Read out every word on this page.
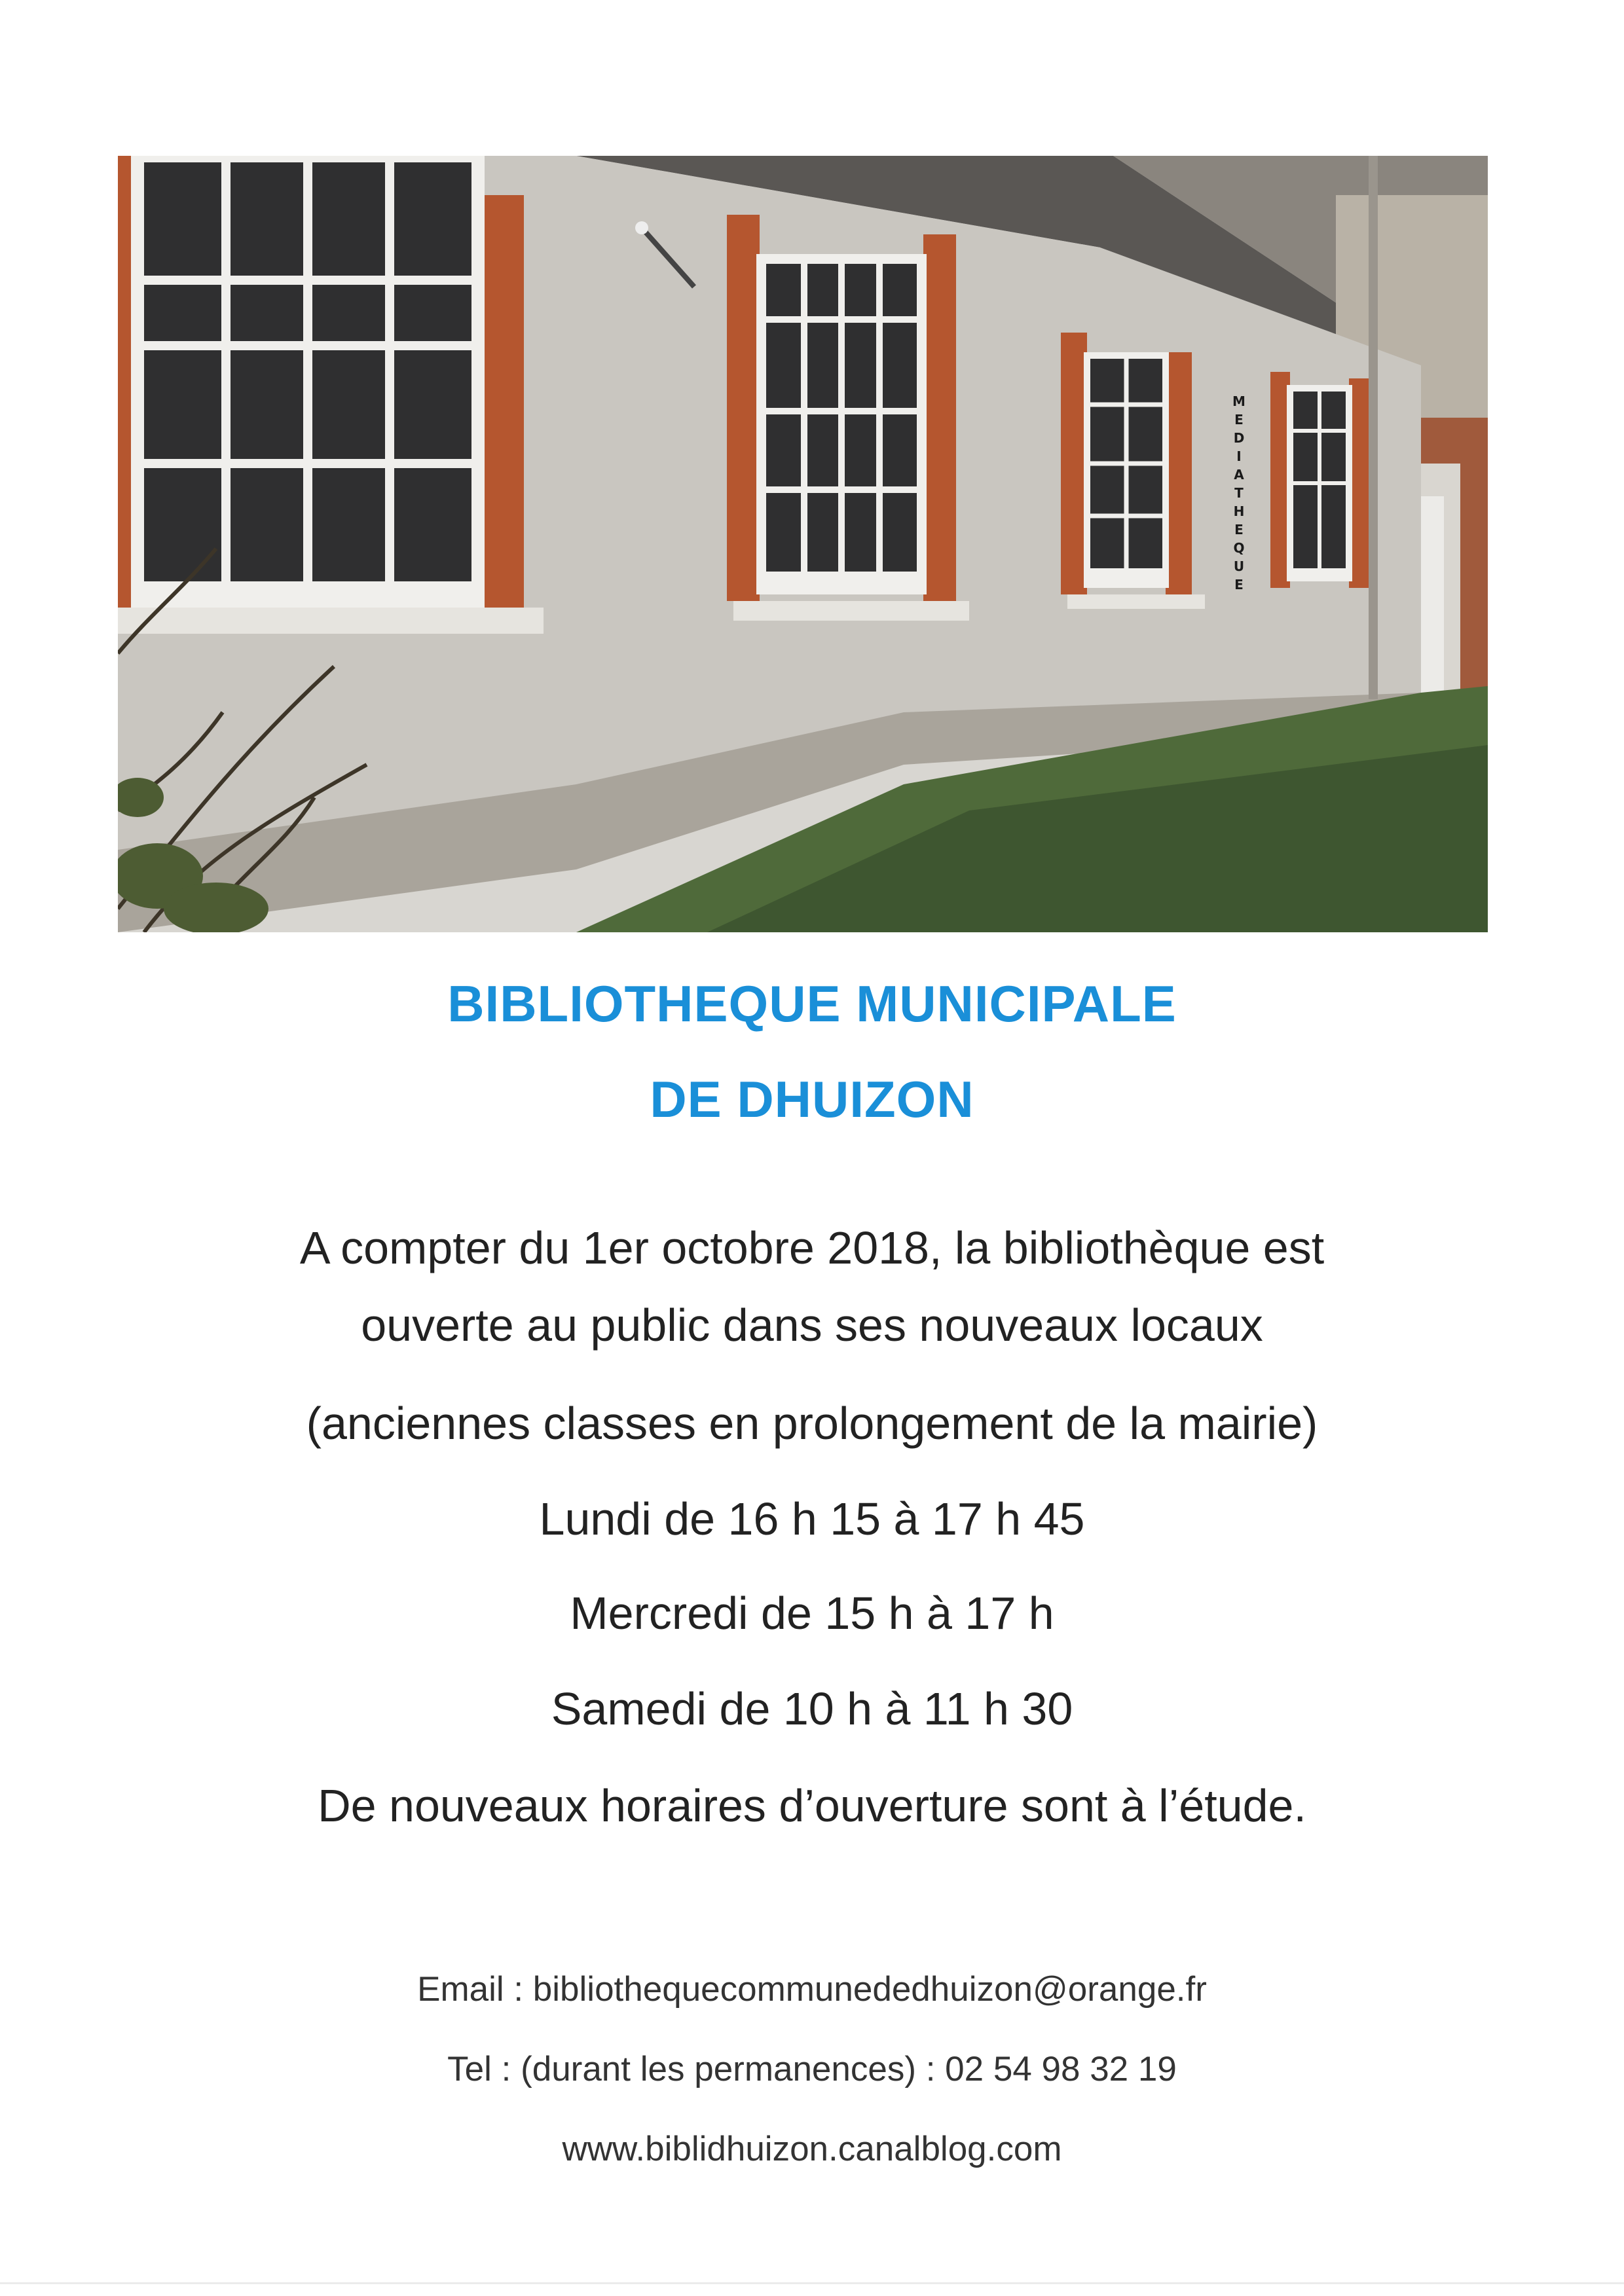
M
E
D
I
A
T
H
E
Q
U
E
BIBLIOTHEQUE MUNICIPALE
DE DHUIZON

A compter du 1er octobre 2018, la bibliothèque est

ouverte au public dans ses nouveaux locaux

(anciennes classes en prolongement de la mairie)

Lundi de 16 h 15 à 17 h 45

Mercredi de 15 h à 17 h

Samedi de 10 h à 11 h 30

De nouveaux horaires d’ouverture sont à l’étude.

Email : bibliothequecommunededhuizon@orange.fr

Tel : (durant les permanences) : 02 54 98 32 19

www.biblidhuizon.canalblog.com
